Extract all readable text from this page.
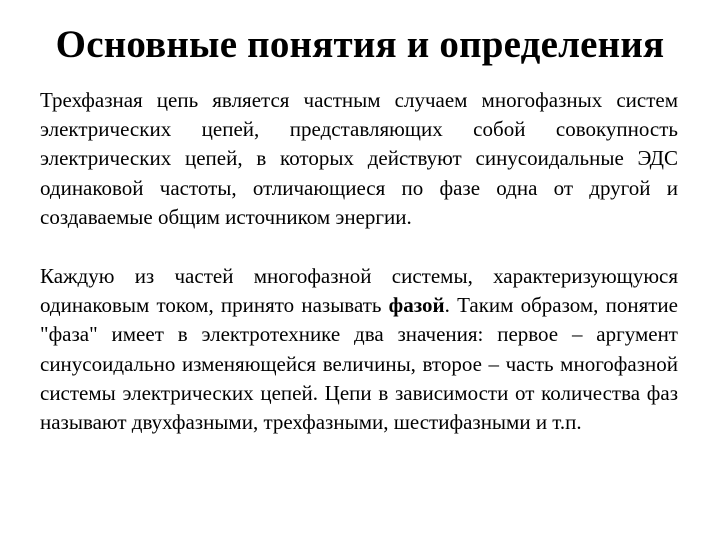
Основные понятия и определения

Трехфазная цепь является частным случаем многофазных систем электрических цепей, представляющих собой совокупность электрических цепей, в которых действуют синусоидальные ЭДС одинаковой частоты, отличающиеся по фазе одна от другой и создаваемые общим источником энергии.

Каждую из частей многофазной системы, характеризующуюся одинаковым током, принято называть фазой. Таким образом, понятие "фаза" имеет в электротехнике два значения: первое – аргумент синусоидально изменяющейся величины, второе – часть многофазной системы электрических цепей. Цепи в зависимости от количества фаз называют двухфазными, трехфазными, шестифазными и т.п.
